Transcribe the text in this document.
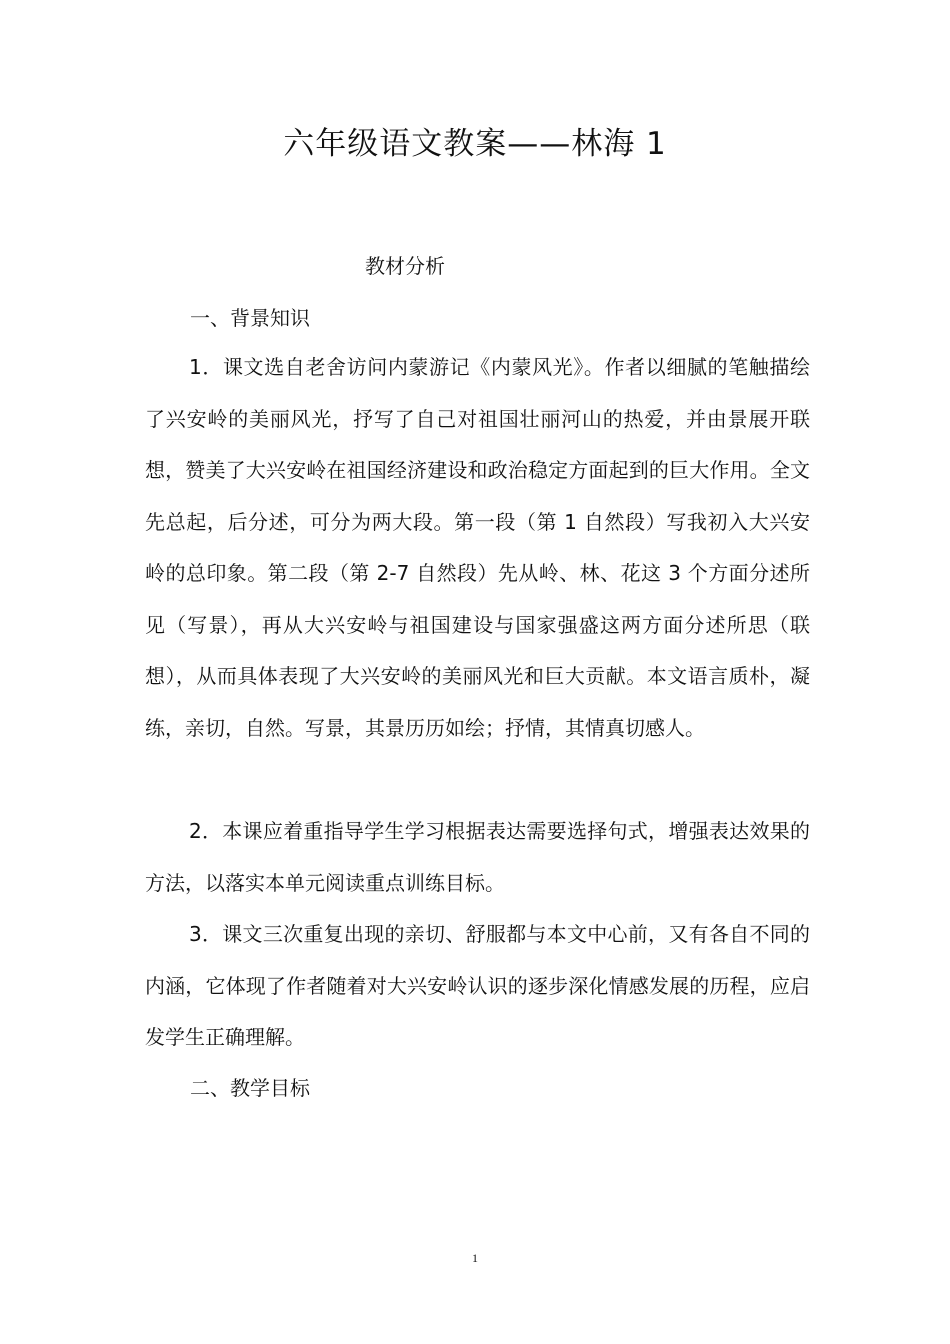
六年级语文教案——林海 1
教材分析
一、背景知识

1．课文选自老舍访问内蒙游记《内蒙风光》。作者以细腻的笔触描绘了兴安岭的美丽风光，抒写了自己对祖国壮丽河山的热爱，并由景展开联想，赞美了大兴安岭在祖国经济建设和政治稳定方面起到的巨大作用。全文先总起，后分述，可分为两大段。第一段（第 1 自然段）写我初入大兴安岭的总印象。第二段（第 2-7 自然段）先从岭、林、花这 3 个方面分述所见（写景），再从大兴安岭与祖国建设与国家强盛这两方面分述所思（联想），从而具体表现了大兴安岭的美丽风光和巨大贡献。本文语言质朴，凝练，亲切，自然。写景，其景历历如绘；抒情，其情真切感人。

2．本课应着重指导学生学习根据表达需要选择句式，增强表达效果的方法，以落实本单元阅读重点训练目标。

3．课文三次重复出现的亲切、舒服都与本文中心前，又有各自不同的内涵，它体现了作者随着对大兴安岭认识的逐步深化情感发展的历程，应启发学生正确理解。

二、教学目标
1
